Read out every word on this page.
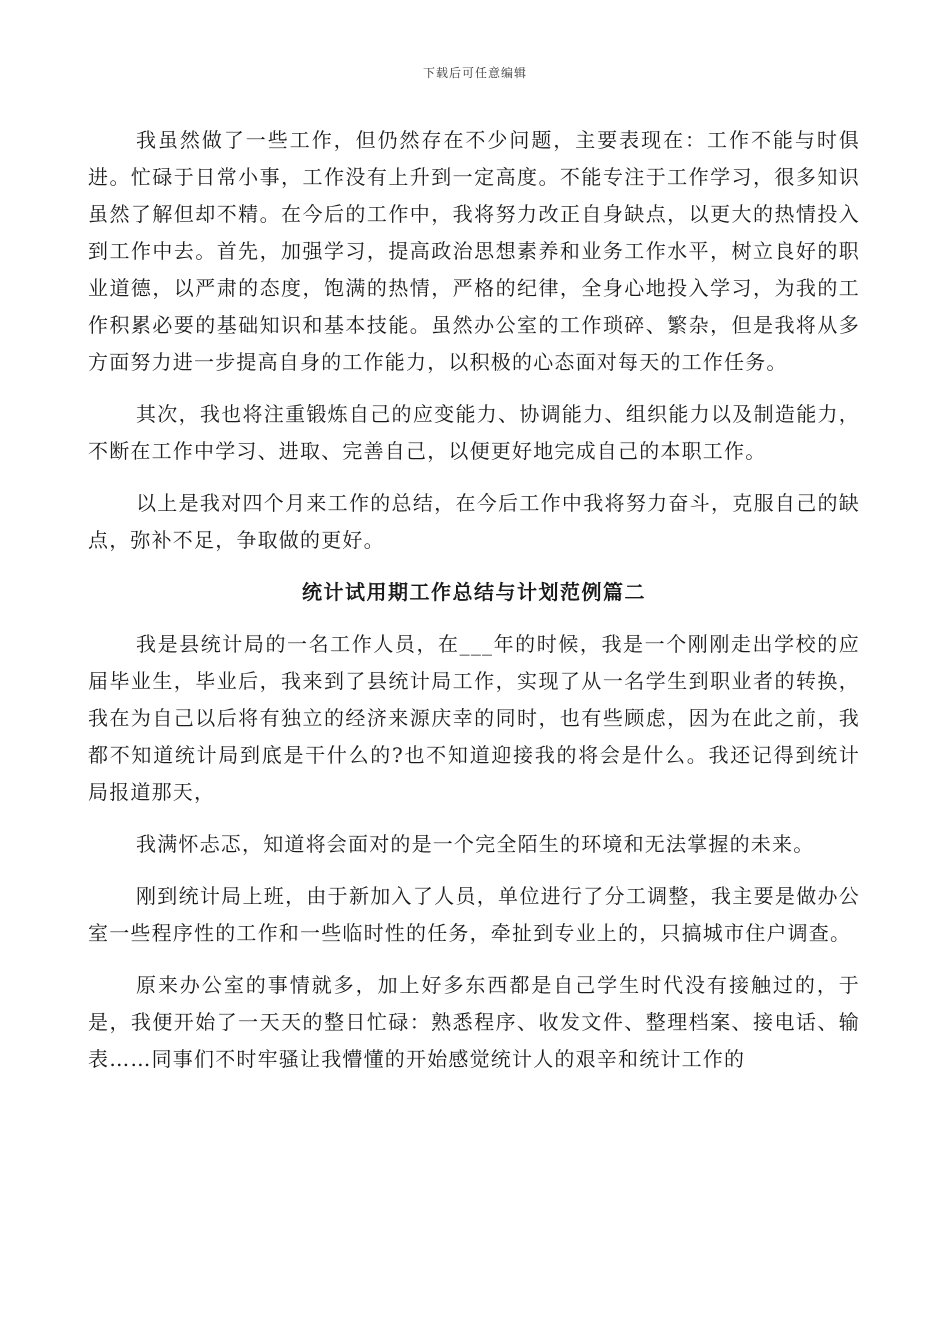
下载后可任意编辑

我虽然做了一些工作，但仍然存在不少问题，主要表现在：工作不能与时俱进。忙碌于日常小事，工作没有上升到一定高度。不能专注于工作学习，很多知识虽然了解但却不精。在今后的工作中，我将努力改正自身缺点，以更大的热情投入到工作中去。首先，加强学习，提高政治思想素养和业务工作水平，树立良好的职业道德，以严肃的态度，饱满的热情，严格的纪律，全身心地投入学习，为我的工作积累必要的基础知识和基本技能。虽然办公室的工作琐碎、繁杂，但是我将从多方面努力进一步提高自身的工作能力，以积极的心态面对每天的工作任务。

其次，我也将注重锻炼自己的应变能力、协调能力、组织能力以及制造能力，不断在工作中学习、进取、完善自己，以便更好地完成自己的本职工作。

以上是我对四个月来工作的总结，在今后工作中我将努力奋斗，克服自己的缺点，弥补不足，争取做的更好。

统计试用期工作总结与计划范例篇二

我是县统计局的一名工作人员，在___年的时候，我是一个刚刚走出学校的应届毕业生，毕业后，我来到了县统计局工作，实现了从一名学生到职业者的转换，我在为自己以后将有独立的经济来源庆幸的同时，也有些顾虑，因为在此之前，我都不知道统计局到底是干什么的?也不知道迎接我的将会是什么。我还记得到统计局报道那天，

我满怀忐忑，知道将会面对的是一个完全陌生的环境和无法掌握的未来。

刚到统计局上班，由于新加入了人员，单位进行了分工调整，我主要是做办公室一些程序性的工作和一些临时性的任务，牵扯到专业上的，只搞城市住户调查。

原来办公室的事情就多，加上好多东西都是自己学生时代没有接触过的，于是，我便开始了一天天的整日忙碌：熟悉程序、收发文件、整理档案、接电话、输表……同事们不时牢骚让我懵懂的开始感觉统计人的艰辛和统计工作的
